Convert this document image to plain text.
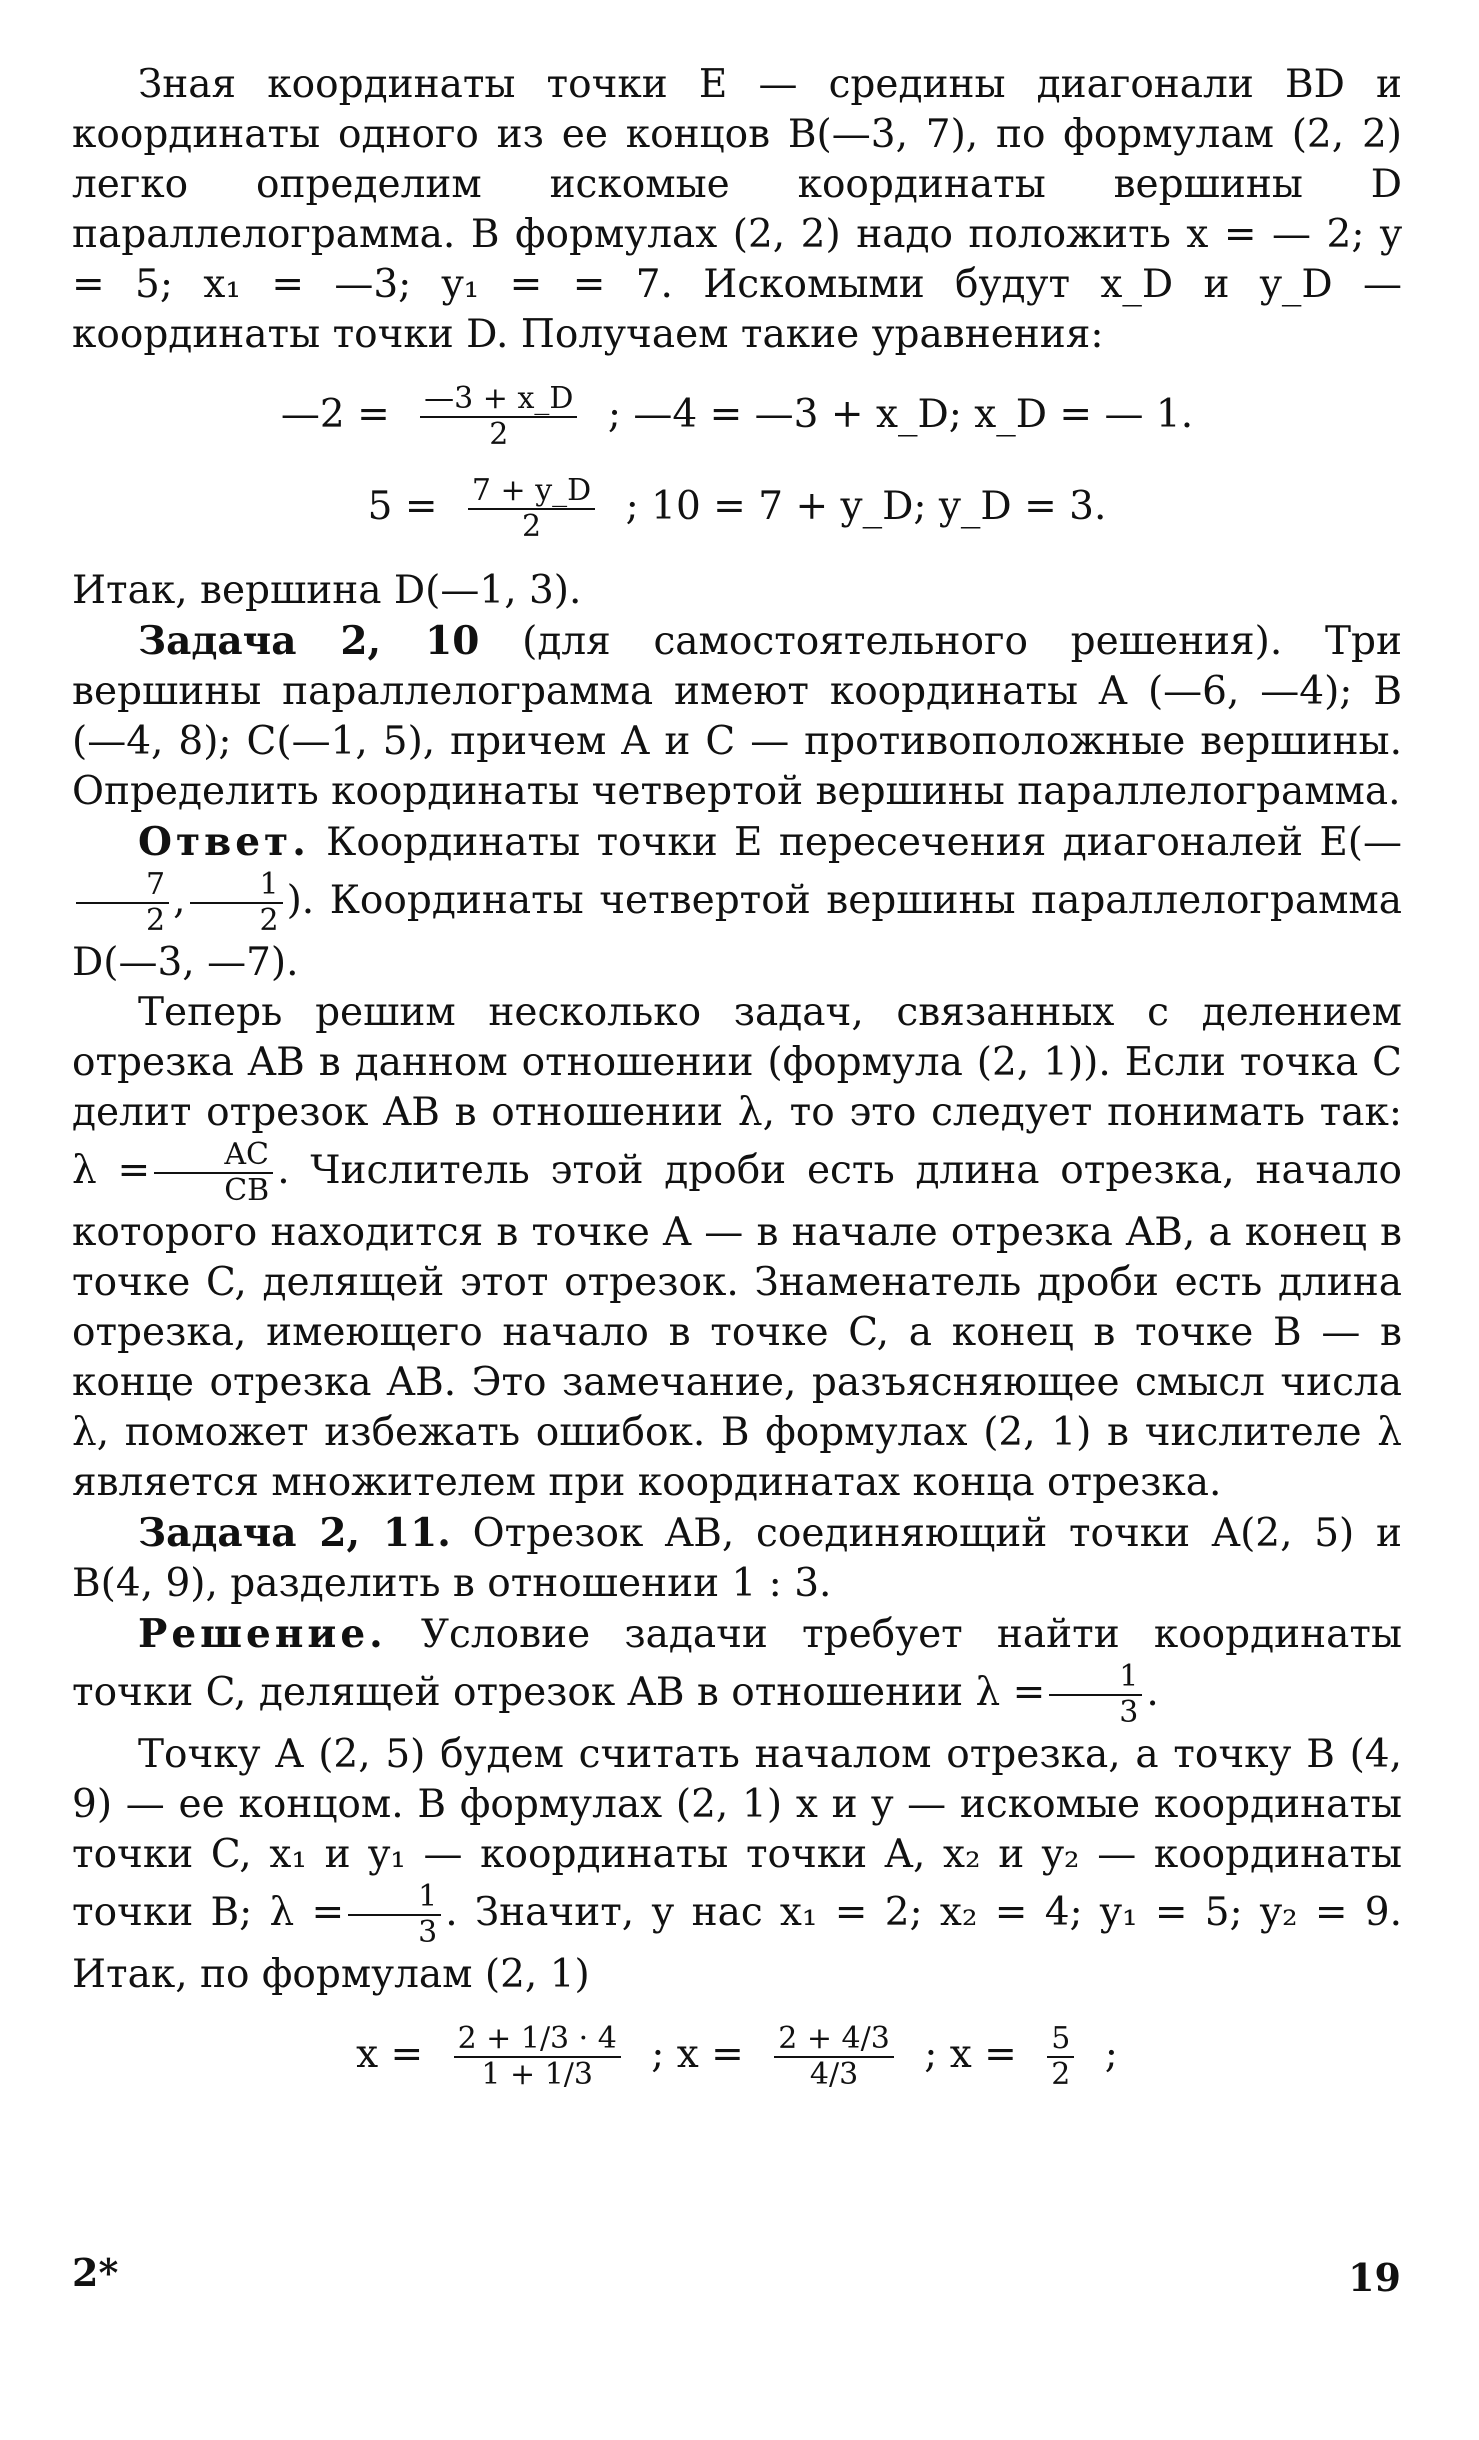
Зная координаты точки E — средины диагонали BD и координаты одного из ее концов B(—3, 7), по формулам (2, 2) легко определим искомые координаты вершины D параллелограмма. В формулах (2, 2) надо положить x = — 2; y = 5; x₁ = —3; y₁ = = 7. Искомыми будут x_D и y_D — координаты точки D. Получаем такие уравнения:

—2 = $\frac{—3 + x\_D}{2}$ ; —4 = —3 + x_D; x_D = — 1.
$5 = \frac{7 + y\_D}{2}$ ; 10 = 7 + y_D; y_D = 3.

Итак, вершина D(—1, 3).

Задача 2, 10 (для самостоятельного решения). Три вершины параллелограмма имеют координаты A (—6, —4); B (—4, 8); C(—1, 5), причем A и C — противоположные вершины. Определить координаты четвертой вершины параллелограмма.

Ответ. Координаты точки E пересечения диагоналей E(—
$\frac{7}{2}$ , $\frac{1}{2}$ ). Координаты четвертой вершины параллелограмма D(—3, —7).

Теперь решим несколько задач, связанных с делением отрезка AB в данном отношении (формула (2, 1)). Если точка C делит отрезок AB в отношении λ, то это следует понимать так: $\lambda = \frac{AC}{CB}$ . Числитель этой дроби есть длина отрезка, начало которого находится в точке A — в начале отрезка AB, а конец в точке C, делящей этот отрезок. Знаменатель дроби есть длина отрезка, имеющего начало в точке C, а конец в точке B — в конце отрезка AB. Это замечание, разъясняющее смысл числа λ, поможет избежать ошибок. В формулах (2, 1) в числителе λ является множителем при координатах конца отрезка.

Задача 2, 11. Отрезок AB, соединяющий точки A(2, 5) и B(4, 9), разделить в отношении 1 : 3.

Решение. Условие задачи требует найти координаты точки C, делящей отрезок AB в отношении $\lambda = \frac{1}{3}$ .

Точку A (2, 5) будем считать началом отрезка, а точку B (4, 9) — ее концом. В формулах (2, 1) x и y — искомые координаты точки C, x₁ и y₁ — координаты точки A, x₂ и y₂ — координаты точки B; $\lambda = \frac{1}{3}$ . Значит, у нас x₁ = 2; x₂ = 4; y₁ = 5; y₂ = 9. Итак, по формулам (2, 1)

$x = \frac{2 + 1/3 \cdot 4}{1 + 1/3}$ ; $x = \frac{2 + 4/3}{4/3}$ ; $x = \frac{5}{2}$ ;
2*	19
